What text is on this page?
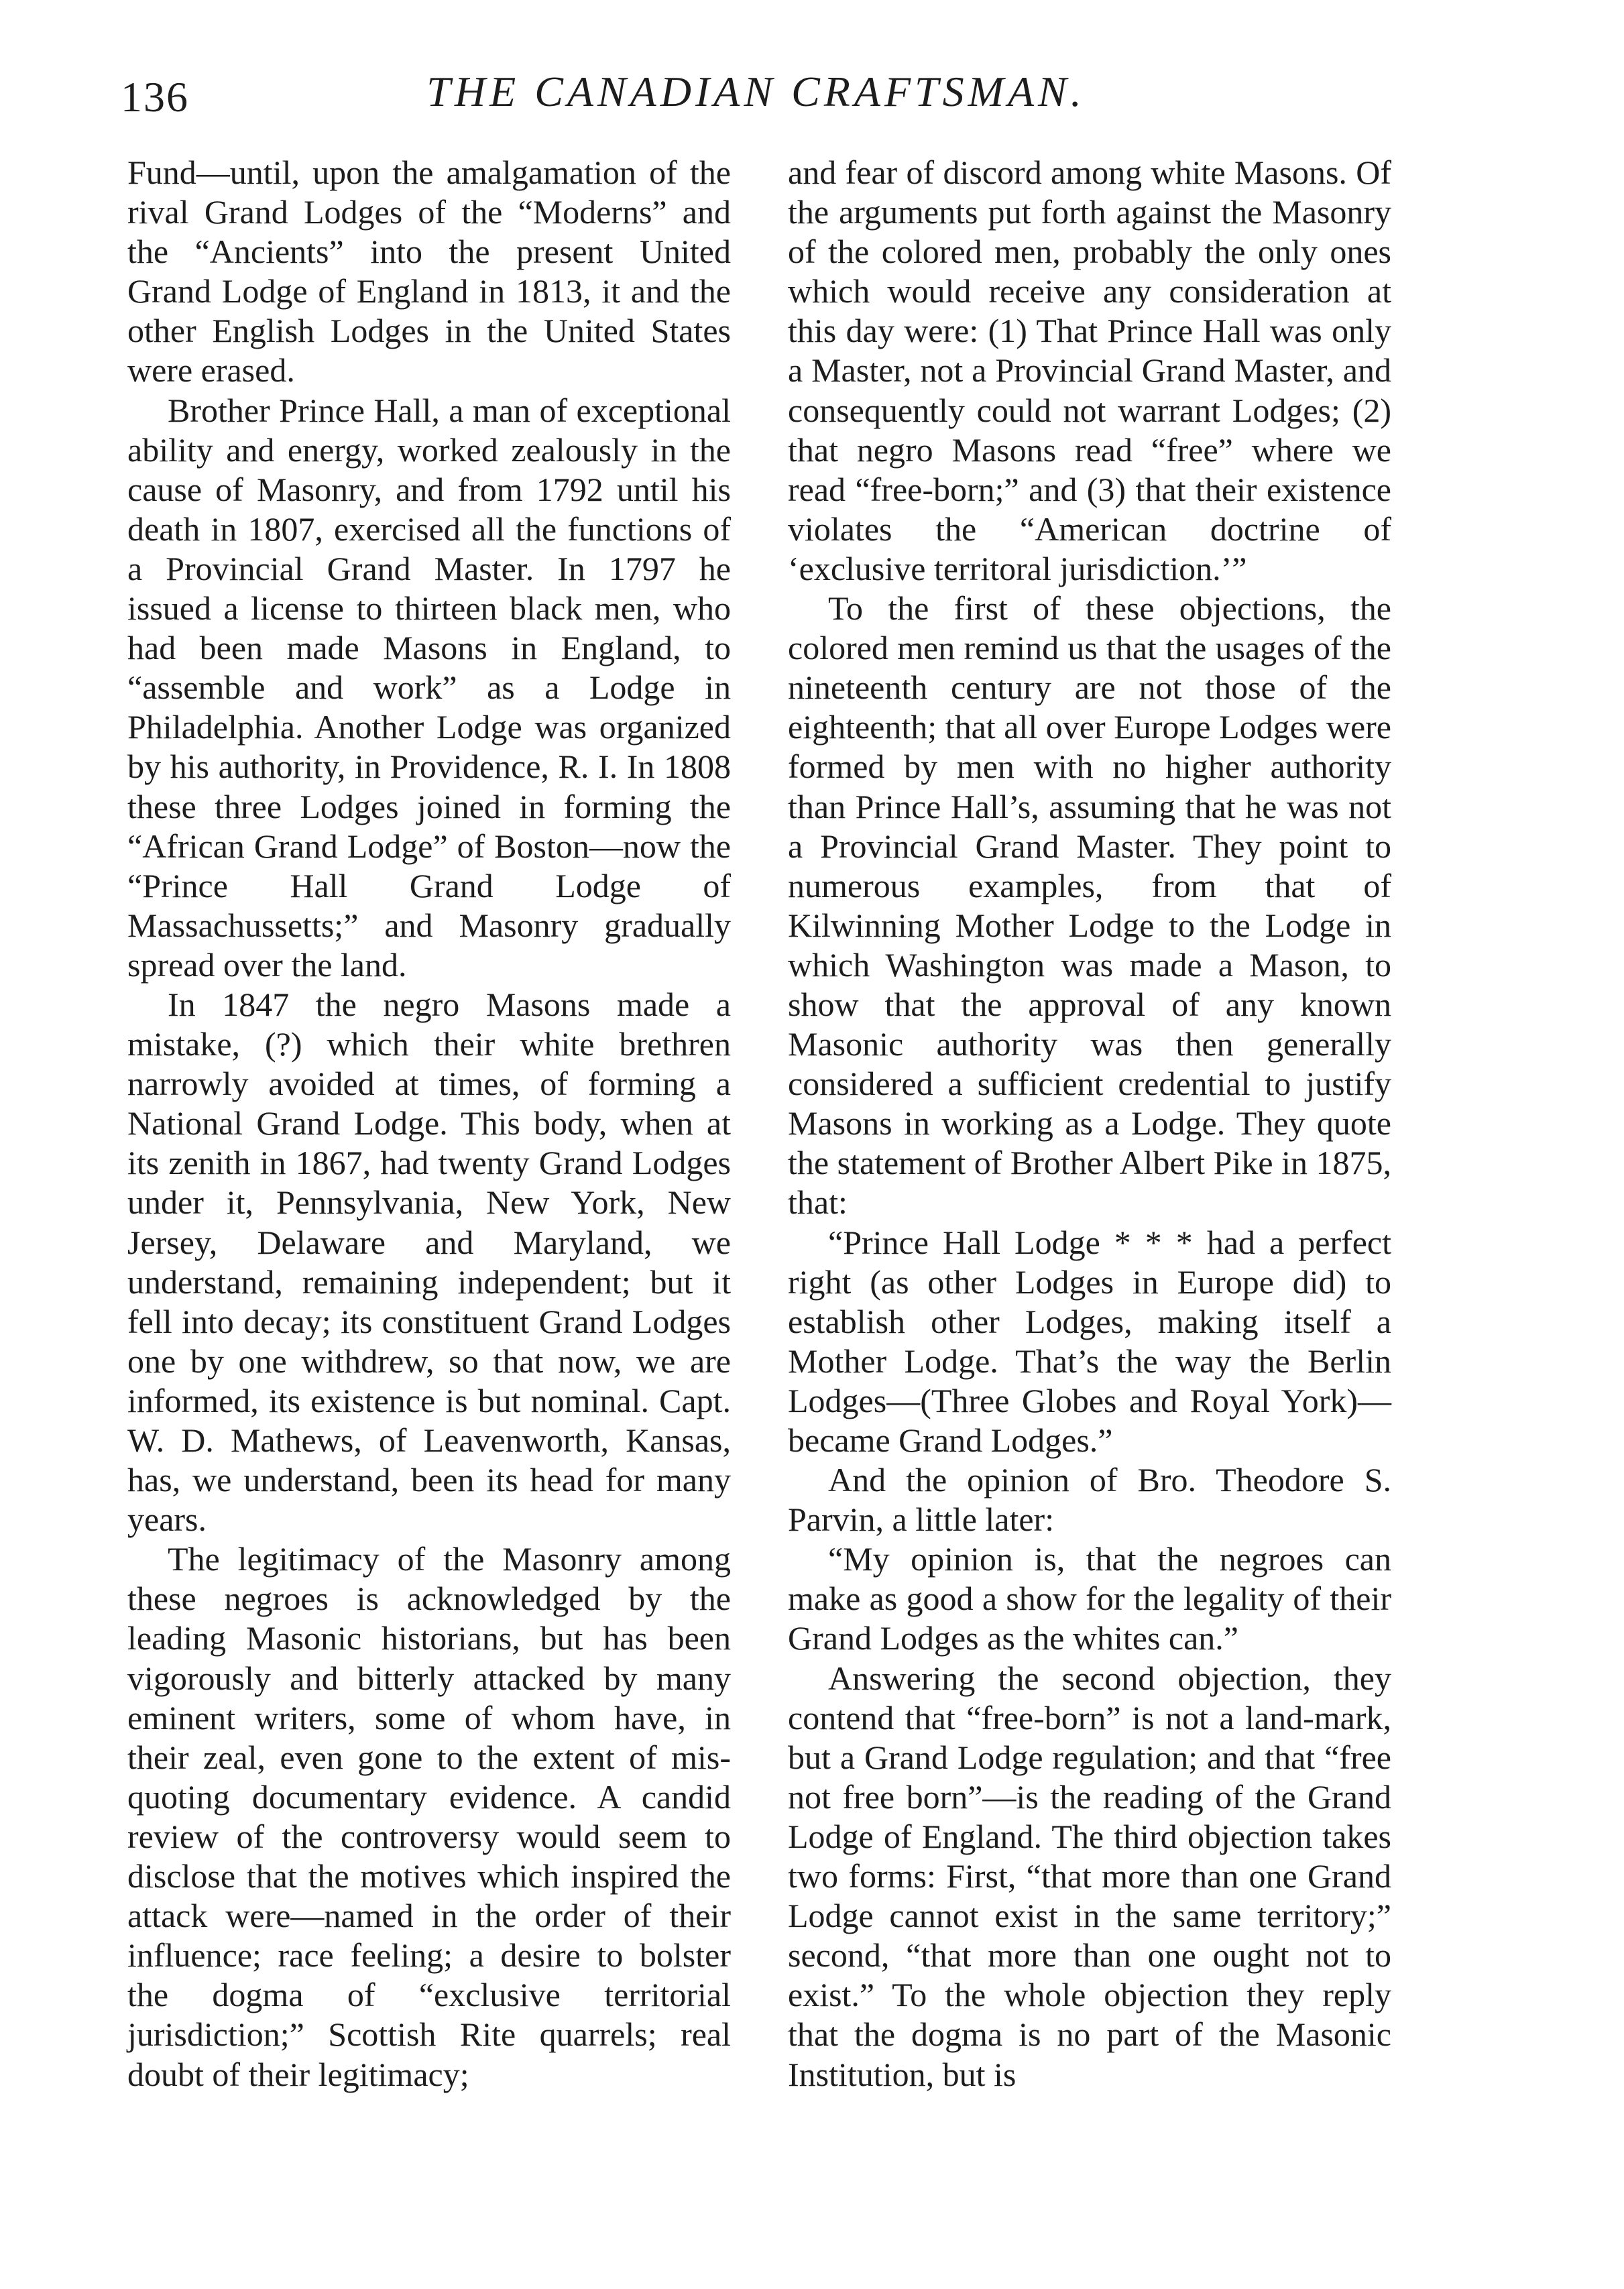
136	THE CANADIAN CRAFTSMAN.

Fund—until, upon the amalgamation of the rival Grand Lodges of the “Moderns” and the “Ancients” into the present United Grand Lodge of England in 1813, it and the other English Lodges in the United States were erased.

Brother Prince Hall, a man of exceptional ability and energy, worked zealously in the cause of Masonry, and from 1792 until his death in 1807, exercised all the functions of a Provincial Grand Master. In 1797 he issued a license to thirteen black men, who had been made Masons in England, to “assemble and work” as a Lodge in Philadelphia. Another Lodge was organized by his authority, in Providence, R. I. In 1808 these three Lodges joined in forming the “African Grand Lodge” of Boston—now the “Prince Hall Grand Lodge of Massachussetts;” and Masonry gradually spread over the land.

In 1847 the negro Masons made a mistake, (?) which their white brethren narrowly avoided at times, of forming a National Grand Lodge. This body, when at its zenith in 1867, had twenty Grand Lodges under it, Pennsylvania, New York, New Jersey, Delaware and Maryland, we understand, remaining independent; but it fell into decay; its constituent Grand Lodges one by one withdrew, so that now, we are informed, its existence is but nominal. Capt. W. D. Mathews, of Leavenworth, Kansas, has, we understand, been its head for many years.

The legitimacy of the Masonry among these negroes is acknowledged by the leading Masonic historians, but has been vigorously and bitterly attacked by many eminent writers, some of whom have, in their zeal, even gone to the extent of mis-quoting documentary evidence. A candid review of the controversy would seem to disclose that the motives which inspired the attack were—named in the order of their influence; race feeling; a desire to bolster the dogma of “exclusive territorial jurisdiction;” Scottish Rite quarrels; real doubt of their legitimacy;

and fear of discord among white Masons. Of the arguments put forth against the Masonry of the colored men, probably the only ones which would receive any consideration at this day were: (1) That Prince Hall was only a Master, not a Provincial Grand Master, and consequently could not warrant Lodges; (2) that negro Masons read “free” where we read “free-born;” and (3) that their existence violates the “American doctrine of ‘exclusive territoral jurisdiction.’”

To the first of these objections, the colored men remind us that the usages of the nineteenth century are not those of the eighteenth; that all over Europe Lodges were formed by men with no higher authority than Prince Hall’s, assuming that he was not a Provincial Grand Master. They point to numerous examples, from that of Kilwinning Mother Lodge to the Lodge in which Washington was made a Mason, to show that the approval of any known Masonic authority was then generally considered a sufficient credential to justify Masons in working as a Lodge. They quote the statement of Brother Albert Pike in 1875, that:

“Prince Hall Lodge * * * had a perfect right (as other Lodges in Europe did) to establish other Lodges, making itself a Mother Lodge. That’s the way the Berlin Lodges—(Three Globes and Royal York)—became Grand Lodges.”

And the opinion of Bro. Theodore S. Parvin, a little later:

“My opinion is, that the negroes can make as good a show for the legality of their Grand Lodges as the whites can.”

Answering the second objection, they contend that “free-born” is not a land-mark, but a Grand Lodge regulation; and that “free not free born”—is the reading of the Grand Lodge of England. The third objection takes two forms: First, “that more than one Grand Lodge cannot exist in the same territory;” second, “that more than one ought not to exist.” To the whole objection they reply that the dogma is no part of the Masonic Institution, but is
